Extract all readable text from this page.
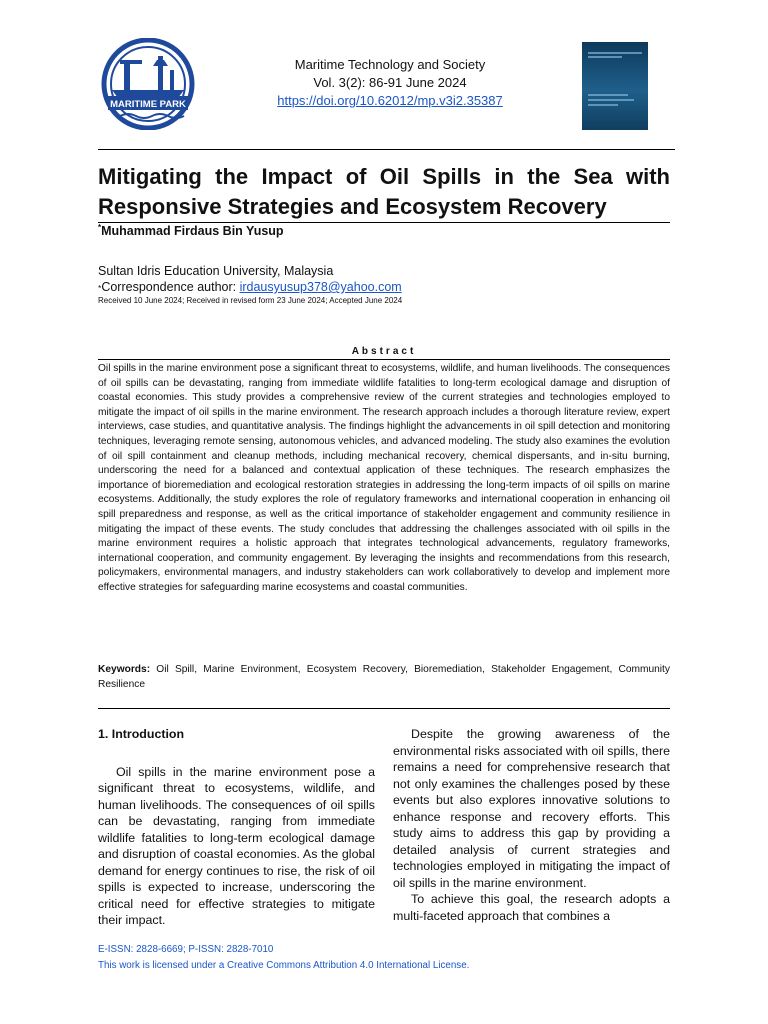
MARITIME PARK
Maritime Technology and Society
Vol. 3(2): 86-91 June 2024
https://doi.org/10.62012/mp.v3i2.35387
Mitigating the Impact of Oil Spills in the Sea with Responsive Strategies and Ecosystem Recovery
*Muhammad Firdaus Bin Yusup
Sultan Idris Education University, Malaysia
*Correspondence author: irdausyusup378@yahoo.com
Received 10 June 2024; Received in revised form 23 June 2024; Accepted June 2024
Abstract
Oil spills in the marine environment pose a significant threat to ecosystems, wildlife, and human livelihoods. The consequences of oil spills can be devastating, ranging from immediate wildlife fatalities to long-term ecological damage and disruption of coastal economies. This study provides a comprehensive review of the current strategies and technologies employed to mitigate the impact of oil spills in the marine environment. The research approach includes a thorough literature review, expert interviews, case studies, and quantitative analysis. The findings highlight the advancements in oil spill detection and monitoring techniques, leveraging remote sensing, autonomous vehicles, and advanced modeling. The study also examines the evolution of oil spill containment and cleanup methods, including mechanical recovery, chemical dispersants, and in-situ burning, underscoring the need for a balanced and contextual application of these techniques. The research emphasizes the importance of bioremediation and ecological restoration strategies in addressing the long-term impacts of oil spills on marine ecosystems. Additionally, the study explores the role of regulatory frameworks and international cooperation in enhancing oil spill preparedness and response, as well as the critical importance of stakeholder engagement and community resilience in mitigating the impact of these events. The study concludes that addressing the challenges associated with oil spills in the marine environment requires a holistic approach that integrates technological advancements, regulatory frameworks, international cooperation, and community engagement. By leveraging the insights and recommendations from this research, policymakers, environmental managers, and industry stakeholders can work collaboratively to develop and implement more effective strategies for safeguarding marine ecosystems and coastal communities.
Keywords: Oil Spill, Marine Environment, Ecosystem Recovery, Bioremediation, Stakeholder Engagement, Community Resilience
1. Introduction

Oil spills in the marine environment pose a significant threat to ecosystems, wildlife, and human livelihoods. The consequences of oil spills can be devastating, ranging from immediate wildlife fatalities to long-term ecological damage and disruption of coastal economies. As the global demand for energy continues to rise, the risk of oil spills is expected to increase, underscoring the critical need for effective strategies to mitigate their impact.

Despite the growing awareness of the environmental risks associated with oil spills, there remains a need for comprehensive research that not only examines the challenges posed by these events but also explores innovative solutions to enhance response and recovery efforts. This study aims to address this gap by providing a detailed analysis of current strategies and technologies employed in mitigating the impact of oil spills in the marine environment.

To achieve this goal, the research adopts a multi-faceted approach that combines a

E-ISSN: 2828-6669; P-ISSN: 2828-7010
This work is licensed under a Creative Commons Attribution 4.0 International License.
